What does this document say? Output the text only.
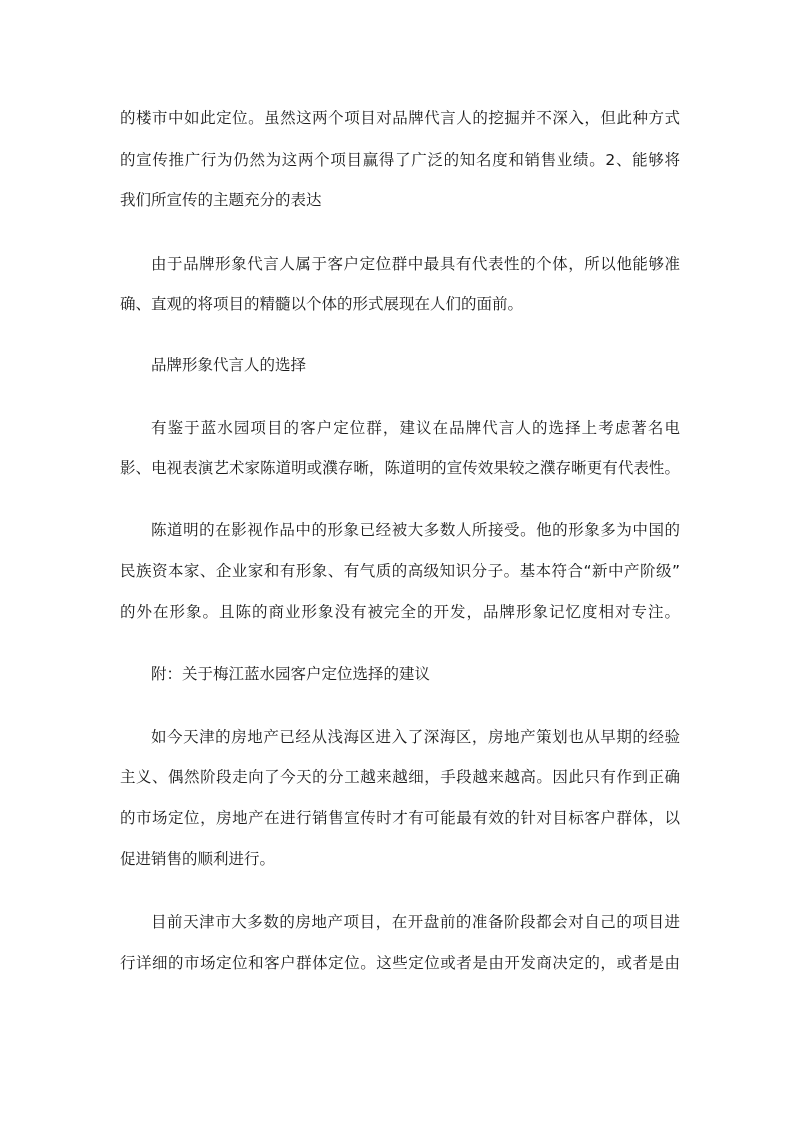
的楼市中如此定位。虽然这两个项目对品牌代言人的挖掘并不深入，但此种方式
的宣传推广行为仍然为这两个项目赢得了广泛的知名度和销售业绩。2、能够将
我们所宣传的主题充分的表达
由于品牌形象代言人属于客户定位群中最具有代表性的个体，所以他能够准
确、直观的将项目的精髓以个体的形式展现在人们的面前。
品牌形象代言人的选择
有鉴于蓝水园项目的客户定位群，建议在品牌代言人的选择上考虑著名电
影、电视表演艺术家陈道明或濮存晰，陈道明的宣传效果较之濮存晰更有代表性。
陈道明的在影视作品中的形象已经被大多数人所接受。他的形象多为中国的
民族资本家、企业家和有形象、有气质的高级知识分子。基本符合“新中产阶级”
的外在形象。且陈的商业形象没有被完全的开发，品牌形象记忆度相对专注。
附：关于梅江蓝水园客户定位选择的建议
如今天津的房地产已经从浅海区进入了深海区，房地产策划也从早期的经验
主义、偶然阶段走向了今天的分工越来越细，手段越来越高。因此只有作到正确
的市场定位，房地产在进行销售宣传时才有可能最有效的针对目标客户群体，以
促进销售的顺利进行。
目前天津市大多数的房地产项目，在开盘前的准备阶段都会对自己的项目进
行详细的市场定位和客户群体定位。这些定位或者是由开发商决定的，或者是由
